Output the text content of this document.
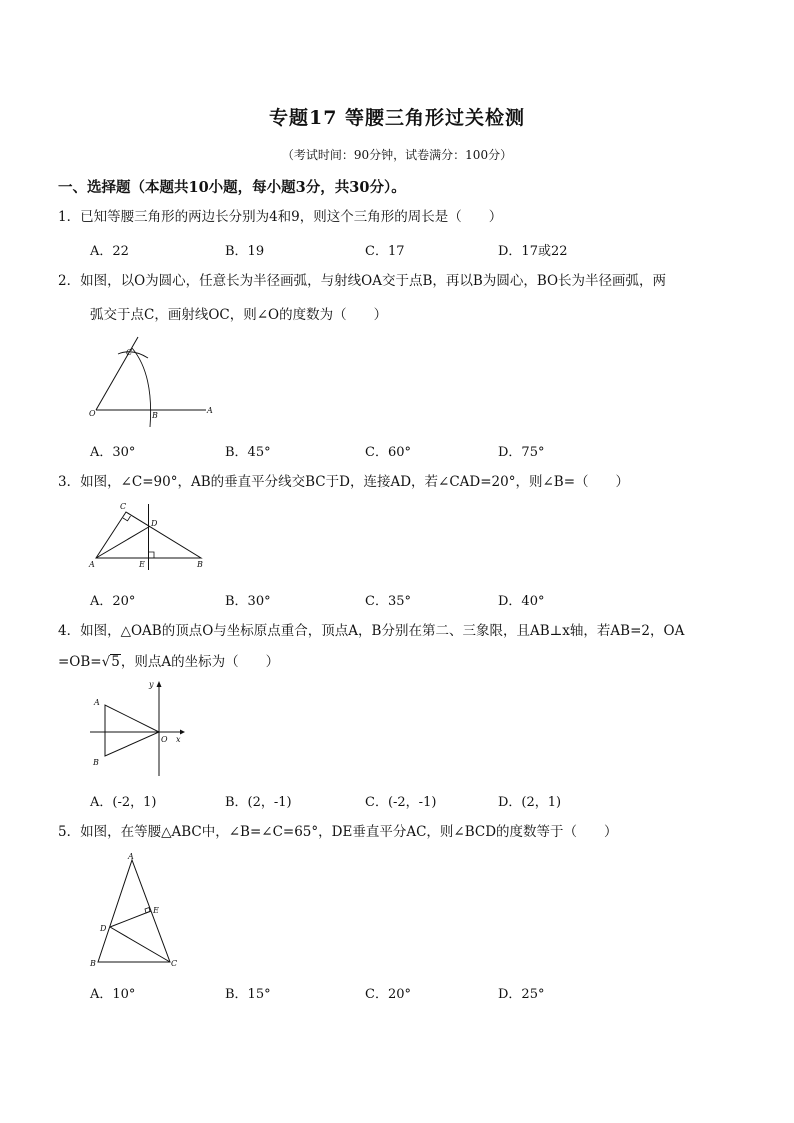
专题17 等腰三角形过关检测
（考试时间：90分钟，试卷满分：100分）
一、选择题（本题共10小题，每小题3分，共30分）。
1．已知等腰三角形的两边长分别为4和9，则这个三角形的周长是（　　）
A．22	B．19	C．17	D．17或22
2．如图，以O为圆心，任意长为半径画弧，与射线OA交于点B，再以B为圆心，BO长为半径画弧，两
弧交于点C，画射线OC，则∠O的度数为（　　）
O	B
A
C
A．30°	B．45°	C．60°	D．75°
3．如图，∠C=90°，AB的垂直平分线交BC于D，连接AD，若∠CAD=20°，则∠B=（　　）
A
C
D
E	B
A．20°	B．30°	C．35°	D．40°
4．如图，△OAB的顶点O与坐标原点重合，顶点A，B分别在第二、三象限，且AB⊥x轴，若AB=2，OA
=OB=√5，则点A的坐标为（　　）
y
A
B
O x
A．(-2，1)	B．(2，-1)	C．(-2，-1)	D．(2，1)
5．如图，在等腰△ABC中，∠B=∠C=65°，DE垂直平分AC，则∠BCD的度数等于（　　）
A
E
D
B	C
A．10°	B．15°	C．20°	D．25°
